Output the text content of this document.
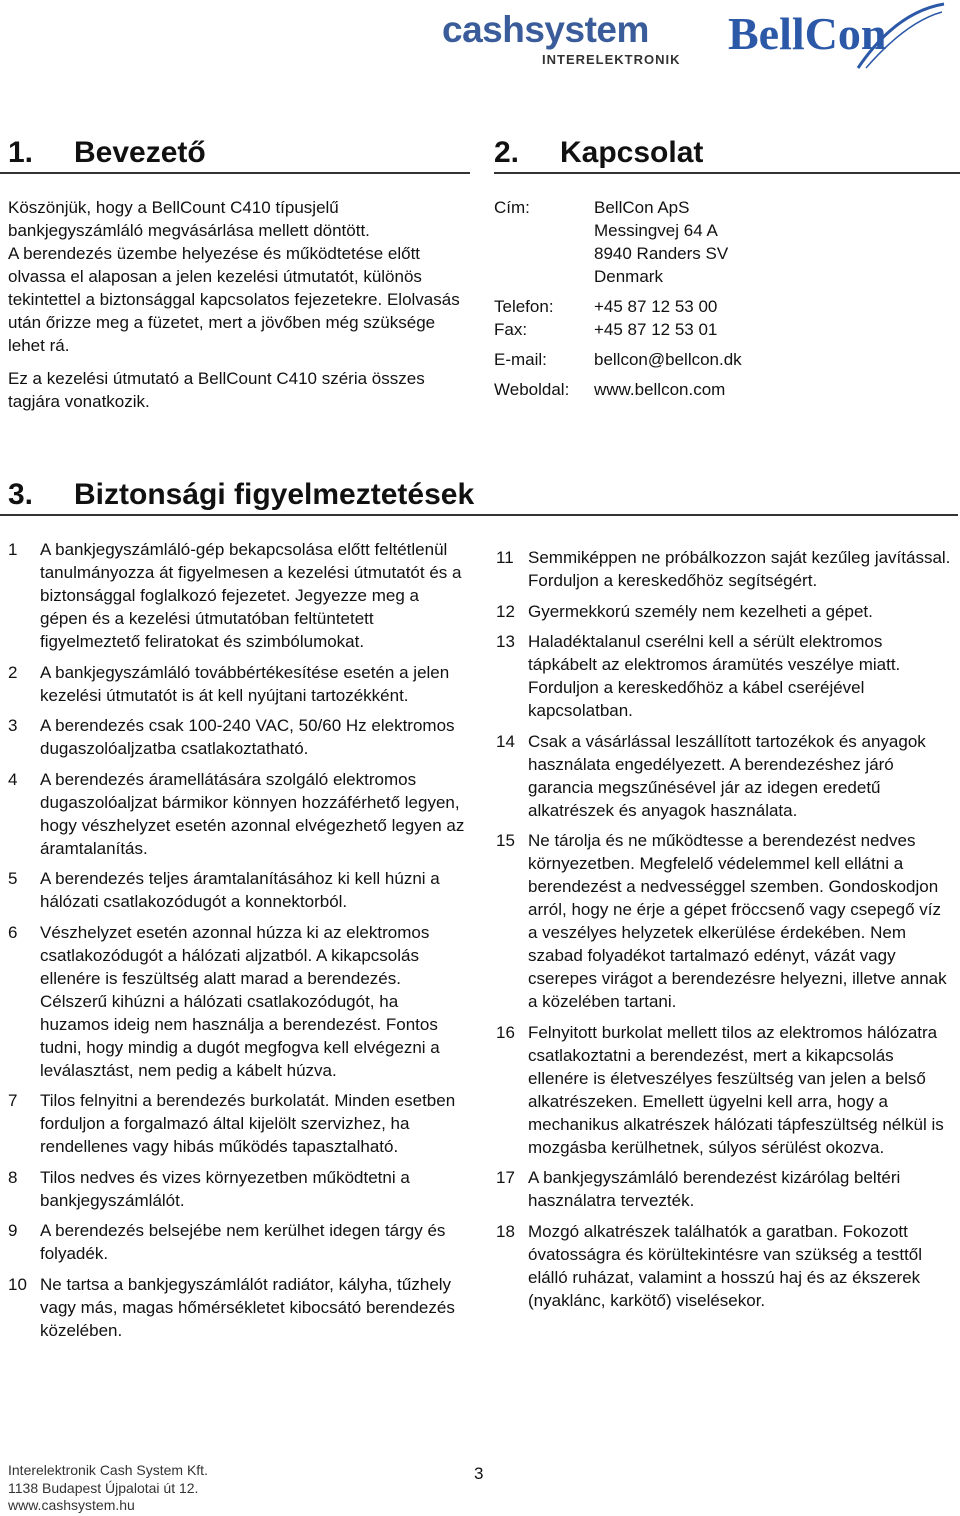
cashsystem
INTERELEKTRONIK
BellCon
1. Bevezető

Köszönjük, hogy a BellCount C410 típusjelű bankjegyszámláló megvásárlása mellett döntött.

A berendezés üzembe helyezése és működtetése előtt olvassa el alaposan a jelen kezelési útmutatót, különös tekintettel a biztonsággal kapcsolatos fejezetekre. Elolvasás után őrizze meg a füzetet, mert a jövőben még szüksége lehet rá.

Ez a kezelési útmutató a BellCount C410 széria összes tagjára vonatkozik.

2. Kapcsolat
Cím:	BellCon ApS
Messingvej 64 A
8940 Randers SV
Denmark
Telefon: +45 87 12 53 00
Fax:	+45 87 12 53 01
E-mail:	bellcon@bellcon.dk
Weboldal: www.bellcon.com
3. Biztonsági figyelmeztetések
1 A bankjegyszámláló-gép bekapcsolása előtt feltétlenül tanulmányozza át figyelmesen a kezelési útmutatót és a biztonsággal foglalkozó fejezetet. Jegyezze meg a gépen és a kezelési útmutatóban feltüntetett figyelmeztető feliratokat és szimbólumokat.
2 A bankjegyszámláló továbbértékesítése esetén a jelen kezelési útmutatót is át kell nyújtani tartozékként.
3 A berendezés csak 100-240 VAC, 50/60 Hz elektromos dugaszolóaljzatba csatlakoztatható.
4 A berendezés áramellátására szolgáló elektromos dugaszolóaljzat bármikor könnyen hozzáférhető legyen, hogy vészhelyzet esetén azonnal elvégezhető legyen az áramtalanítás.
5 A berendezés teljes áramtalanításához ki kell húzni a hálózati csatlakozódugót a konnektorból.
6 Vészhelyzet esetén azonnal húzza ki az elektromos csatlakozódugót a hálózati aljzatból. A kikapcsolás ellenére is feszültség alatt marad a berendezés. Célszerű kihúzni a hálózati csatlakozódugót, ha huzamos ideig nem használja a berendezést. Fontos tudni, hogy mindig a dugót megfogva kell elvégezni a leválasztást, nem pedig a kábelt húzva.
7 Tilos felnyitni a berendezés burkolatát. Minden esetben forduljon a forgalmazó által kijelölt szervizhez, ha rendellenes vagy hibás működés tapasztalható.
8 Tilos nedves és vizes környezetben működtetni a bankjegyszámlálót.
9 A berendezés belsejébe nem kerülhet idegen tárgy és folyadék.
10 Ne tartsa a bankjegyszámlálót radiátor, kályha, tűzhely vagy más, magas hőmérsékletet kibocsátó berendezés közelében.
11 Semmiképpen ne próbálkozzon saját kezűleg javítással. Forduljon a kereskedőhöz segítségért.
12 Gyermekkorú személy nem kezelheti a gépet.
13 Haladéktalanul cserélni kell a sérült elektromos tápkábelt az elektromos áramütés veszélye miatt. Forduljon a kereskedőhöz a kábel cseréjével kapcsolatban.
14 Csak a vásárlással leszállított tartozékok és anyagok használata engedélyezett. A berendezéshez járó garancia megszűnésével jár az idegen eredetű alkatrészek és anyagok használata.
15 Ne tárolja és ne működtesse a berendezést nedves környezetben. Megfelelő védelemmel kell ellátni a berendezést a nedvességgel szemben. Gondoskodjon arról, hogy ne érje a gépet fröccsenő vagy csepegő víz a veszélyes helyzetek elkerülése érdekében. Nem szabad folyadékot tartalmazó edényt, vázát vagy cserepes virágot a berendezésre helyezni, illetve annak a közelében tartani.
16 Felnyitott burkolat mellett tilos az elektromos hálózatra csatlakoztatni a berendezést, mert a kikapcsolás ellenére is életveszélyes feszültség van jelen a belső alkatrészeken. Emellett ügyelni kell arra, hogy a mechanikus alkatrészek hálózati tápfeszültség nélkül is mozgásba kerülhetnek, súlyos sérülést okozva.
17 A bankjegyszámláló berendezést kizárólag beltéri használatra tervezték.
18 Mozgó alkatrészek találhatók a garatban. Fokozott óvatosságra és körültekintésre van szükség a testtől elálló ruházat, valamint a hosszú haj és az ékszerek (nyaklánc, karkötő) viselésekor.
Interelektronik Cash System Kft.
1138 Budapest Újpalotai út 12.
www.cashsystem.hu
3
